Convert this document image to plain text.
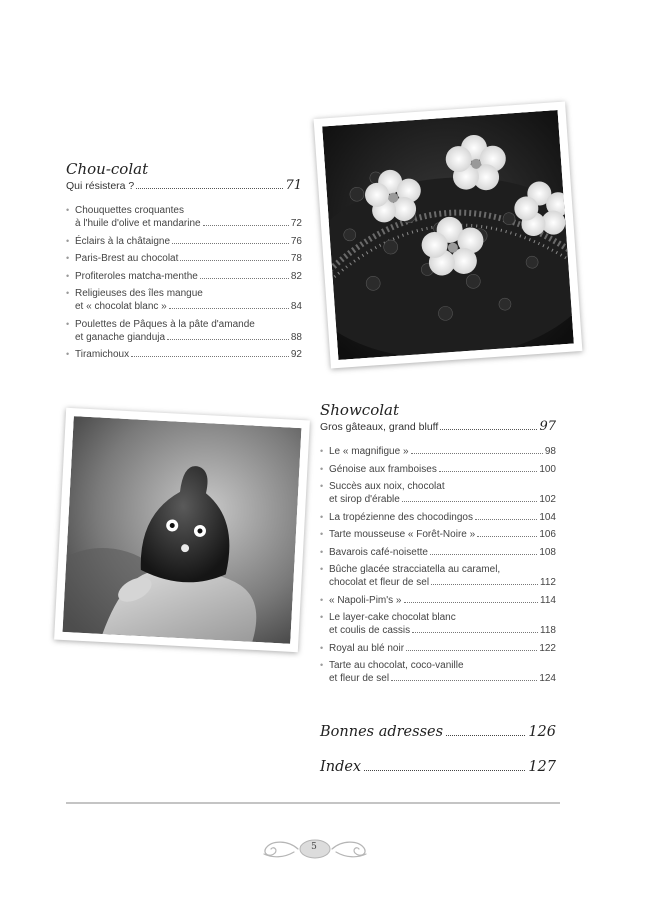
Chou-colat
Qui résistera ?	71
• Chouquettes croquantes
à l'huile d'olive et mandarine	72
• Éclairs à la châtaigne	76
• Paris-Brest au chocolat	78
• Profiteroles matcha-menthe	82
• Religieuses des îles mangue
et « chocolat blanc »	84
• Poulettes de Pâques à la pâte d'amande
et ganache gianduja	88
• Tiramichoux	92
Showcolat
Gros gâteaux, grand bluff	97
• Le « magnifigue »	98
• Génoise aux framboises	100
• Succès aux noix, chocolat
et sirop d'érable	102
• La tropézienne des chocodingos	104
• Tarte mousseuse « Forêt-Noire »	106
• Bavarois café-noisette	108
• Bûche glacée stracciatella au caramel,
chocolat et fleur de sel	112
• « Napoli-Pim's »	114
• Le layer-cake chocolat blanc
et coulis de cassis	118
• Royal au blé noir	122
• Tarte au chocolat, coco-vanille
et fleur de sel	124
Bonnes adresses	126
Index	127
5
